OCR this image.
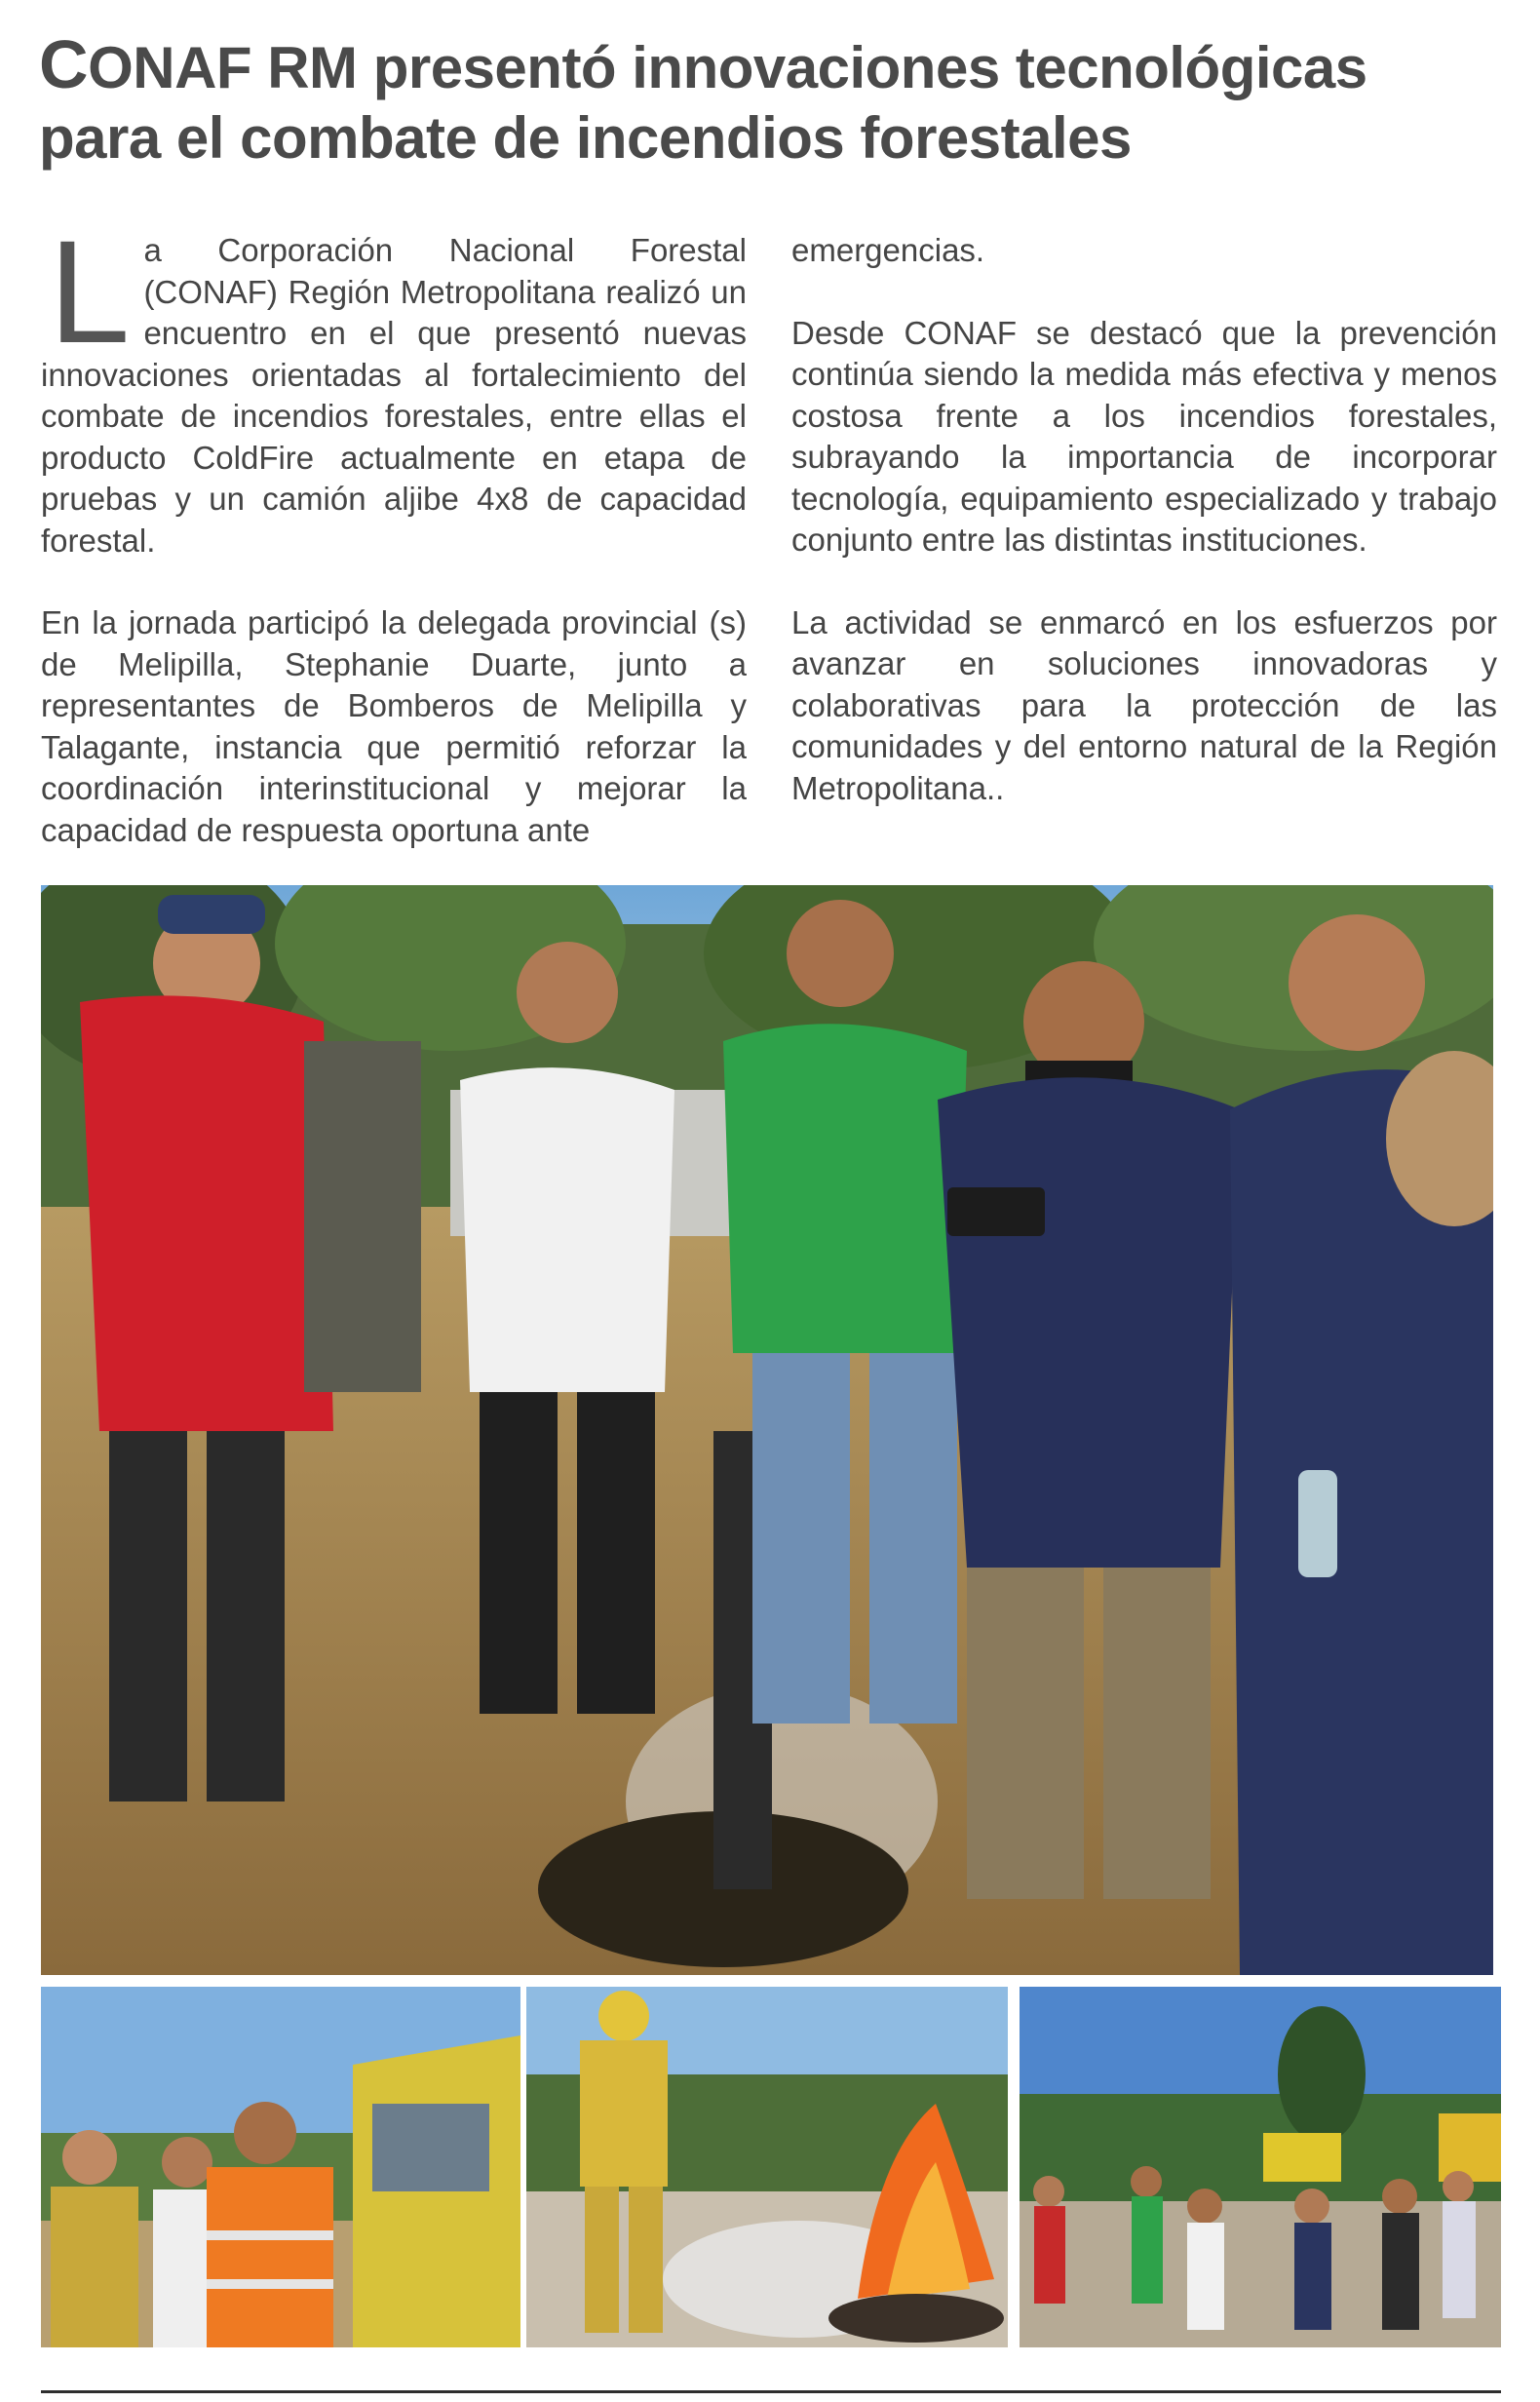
CONAF RM presentó innovaciones tecnológicas para el combate de incendios forestales

La Corporación Nacional Forestal (CONAF) Región Metropolitana realizó un encuentro en el que presentó nuevas innovaciones orientadas al fortalecimiento del combate de incendios forestales, entre ellas el producto ColdFire actualmente en etapa de pruebas y un camión aljibe 4x8 de capacidad forestal.

En la jornada participó la delegada provincial (s) de Melipilla, Stephanie Duarte, junto a representantes de Bomberos de Melipilla y Talagante, instancia que permitió reforzar la coordinación interinstitucional y mejorar la capacidad de respuesta oportuna ante

emergencias.

Desde CONAF se destacó que la prevención continúa siendo la medida más efectiva y menos costosa frente a los incendios forestales, subrayando la importancia de incorporar tecnología, equipamiento especializado y trabajo conjunto entre las distintas instituciones.

La actividad se enmarcó en los esfuerzos por avanzar en soluciones innovadoras y colaborativas para la protección de las comunidades y del entorno natural de la Región Metropolitana..
